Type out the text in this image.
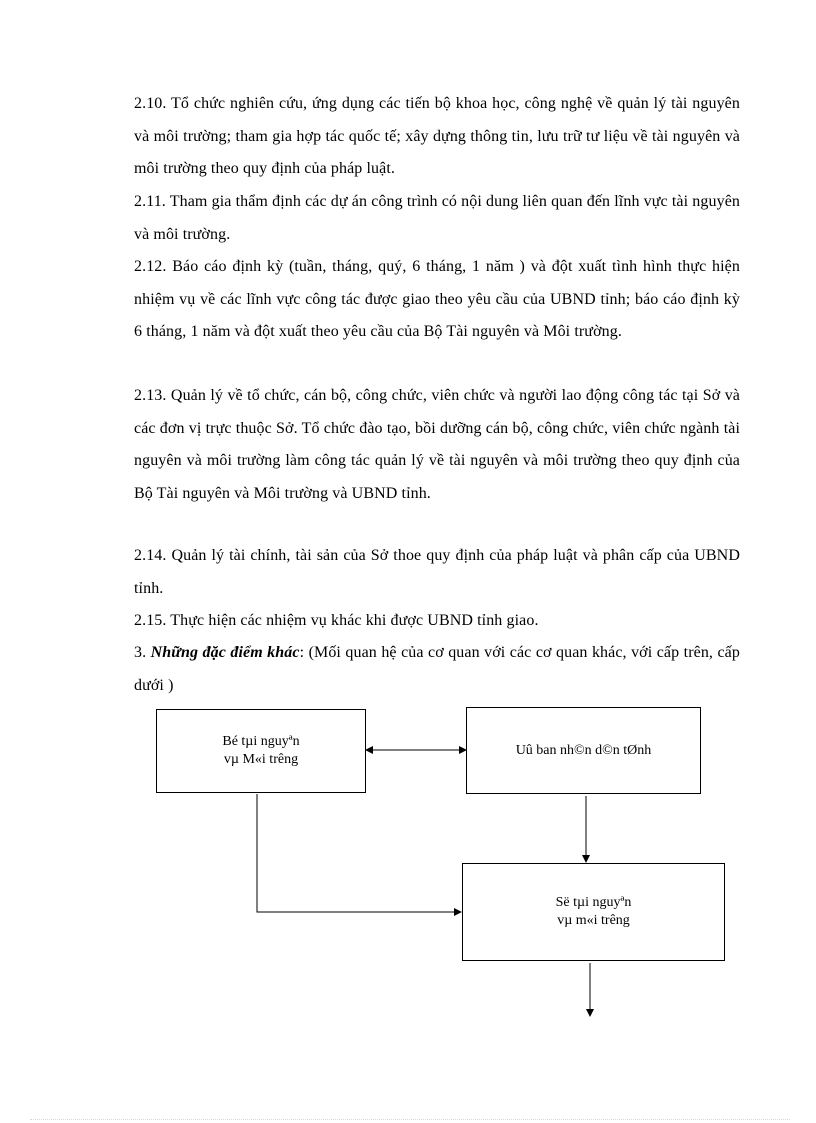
2.10. Tổ chức nghiên cứu, ứng dụng các tiến bộ khoa học, công nghệ về quản lý tài nguyên và môi trường; tham gia hợp tác quốc tế; xây dựng thông tin, lưu trữ tư liệu về tài nguyên và môi trường theo quy định của pháp luật.

2.11. Tham gia thẩm định các dự án công trình có nội dung liên quan đến lĩnh vực tài nguyên và môi trường.

2.12. Báo cáo định kỳ (tuần, tháng, quý, 6 tháng, 1 năm ) và đột xuất tình hình thực hiện nhiệm vụ về các lĩnh vực công tác được giao theo yêu cầu của UBND tỉnh; báo cáo định kỳ 6 tháng, 1 năm và đột xuất theo yêu cầu của Bộ Tài nguyên và Môi trường.

2.13. Quản lý về tổ chức, cán bộ, công chức, viên chức và người lao động công tác tại Sở và các đơn vị trực thuộc Sở. Tổ chức đào tạo, bồi dưỡng cán bộ, công chức, viên chức ngành tài nguyên và môi trường làm công tác quản lý về tài nguyên và môi trường theo quy định của Bộ Tài nguyên và Môi trường và UBND tỉnh.

2.14. Quản lý tài chính, tài sản của Sở thoe quy định của pháp luật và phân cấp của UBND tỉnh.

2.15. Thực hiện các nhiệm vụ khác khi được UBND tỉnh giao.

3. Những đặc điểm khác: (Mối quan hệ của cơ quan với các cơ quan khác, với cấp trên, cấp dưới )

Bé tµi nguyªn
vµ M«i trêng
Uû ban nh©n d©n tØnh
Së tµi nguyªn
vµ m«i trêng
